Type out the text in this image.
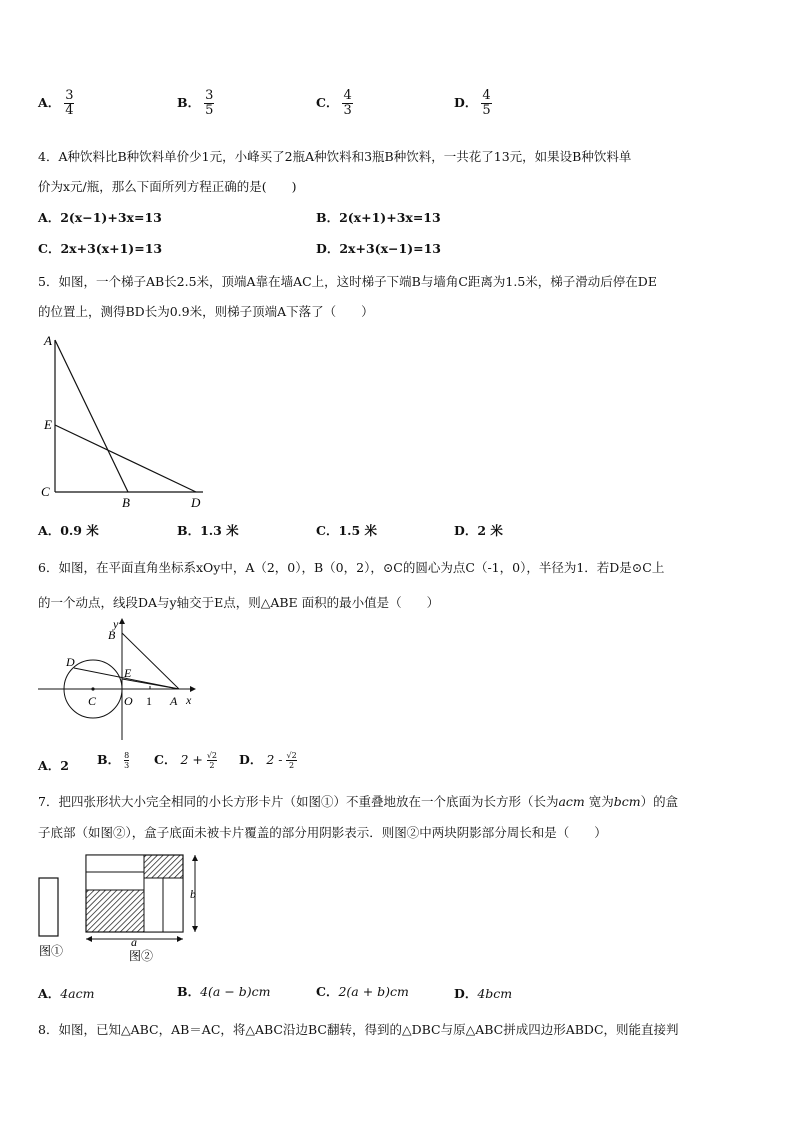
A． $\frac{3}{4}$	B． $\frac{3}{5}$	C． $\frac{4}{3}$	D． $\frac{4}{5}$
4．A种饮料比B种饮料单价少1元，小峰买了2瓶A种饮料和3瓶B种饮料，一共花了13元，如果设B种饮料单
价为x元/瓶，那么下面所列方程正确的是(　　)
A．2(x−1)+3x=13	B．2(x+1)+3x=13
C．2x+3(x+1)=13	D．2x+3(x−1)=13
5．如图，一个梯子AB长2.5米，顶端A靠在墙AC上，这时梯子下端B与墙角C距离为1.5米，梯子滑动后停在DE
的位置上，测得BD长为0.9米，则梯子顶端A下落了（　　）
A
E
C
B	D
A．0.9 米	B．1.3 米	C．1.5 米	D．2 米
6．如图，在平面直角坐标系xOy中，A（2，0），B（0，2），⊙C的圆心为点C（-1，0），半径为1．若D是⊙C上
的一个动点，线段DA与y轴交于E点，则△ABE 面积的最小值是（　　）
y
x
B
E
D
C O 1 A
A．2 B． $\frac{8}{3}$ C． $2 + \frac{√2}{2}$ D． $2 - \frac{√2}{2}$
7．把四张形状大小完全相同的小长方形卡片（如图①）不重叠地放在一个底面为长方形（长为acm 宽为bcm）的盒
子底部（如图②），盒子底面未被卡片覆盖的部分用阴影表示．则图②中两块阴影部分周长和是（　　）
图①
b
a
图②
A．4acm	B．4(a − b)cm	C．2(a + b)cm	D．4bcm
8．如图，已知△ABC，AB＝AC，将△ABC沿边BC翻转，得到的△DBC与原△ABC拼成四边形ABDC，则能直接判
